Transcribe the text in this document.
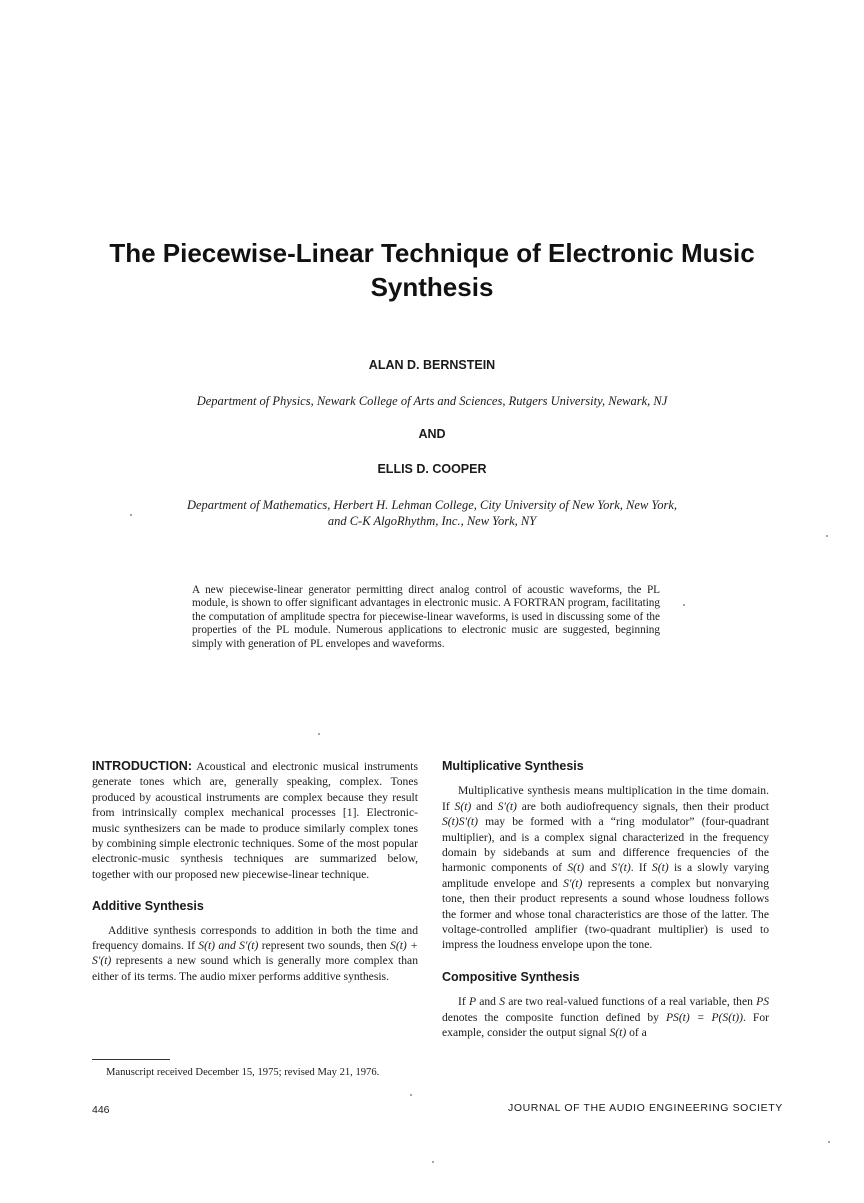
The Piecewise-Linear Technique of Electronic Music Synthesis
ALAN D. BERNSTEIN
Department of Physics, Newark College of Arts and Sciences, Rutgers University, Newark, NJ
AND
ELLIS D. COOPER
Department of Mathematics, Herbert H. Lehman College, City University of New York, New York,
and C-K AlgoRhythm, Inc., New York, NY
A new piecewise-linear generator permitting direct analog control of acoustic waveforms, the PL module, is shown to offer significant advantages in electronic music. A FORTRAN program, facilitating the computation of amplitude spectra for piecewise-linear waveforms, is used in discussing some of the properties of the PL module. Numerous applications to electronic music are suggested, beginning simply with generation of PL envelopes and waveforms.

INTRODUCTION: Acoustical and electronic musical instruments generate tones which are, generally speaking, complex. Tones produced by acoustical instruments are complex because they result from intrinsically complex mechanical processes [1]. Electronic-music synthesizers can be made to produce similarly complex tones by combining simple electronic techniques. Some of the most popular electronic-music synthesis techniques are summarized below, together with our proposed new piecewise-linear technique.

Additive Synthesis

Additive synthesis corresponds to addition in both the time and frequency domains. If S(t) and S′(t) represent two sounds, then S(t) + S′(t) represents a new sound which is generally more complex than either of its terms. The audio mixer performs additive synthesis.

Manuscript received December 15, 1975; revised May 21, 1976.
Multiplicative Synthesis

Multiplicative synthesis means multiplication in the time domain. If S(t) and S′(t) are both audiofrequency signals, then their product S(t)S′(t) may be formed with a “ring modulator” (four-quadrant multiplier), and is a complex signal characterized in the frequency domain by sidebands at sum and difference frequencies of the harmonic components of S(t) and S′(t). If S(t) is a slowly varying amplitude envelope and S′(t) represents a complex but nonvarying tone, then their product represents a sound whose loudness follows the former and whose tonal characteristics are those of the latter. The voltage-controlled amplifier (two-quadrant multiplier) is used to impress the loudness envelope upon the tone.

Compositive Synthesis

If P and S are two real-valued functions of a real variable, then PS denotes the composite function defined by PS(t) = P(S(t)). For example, consider the output signal S(t) of a

446	JOURNAL OF THE AUDIO ENGINEERING SOCIETY
